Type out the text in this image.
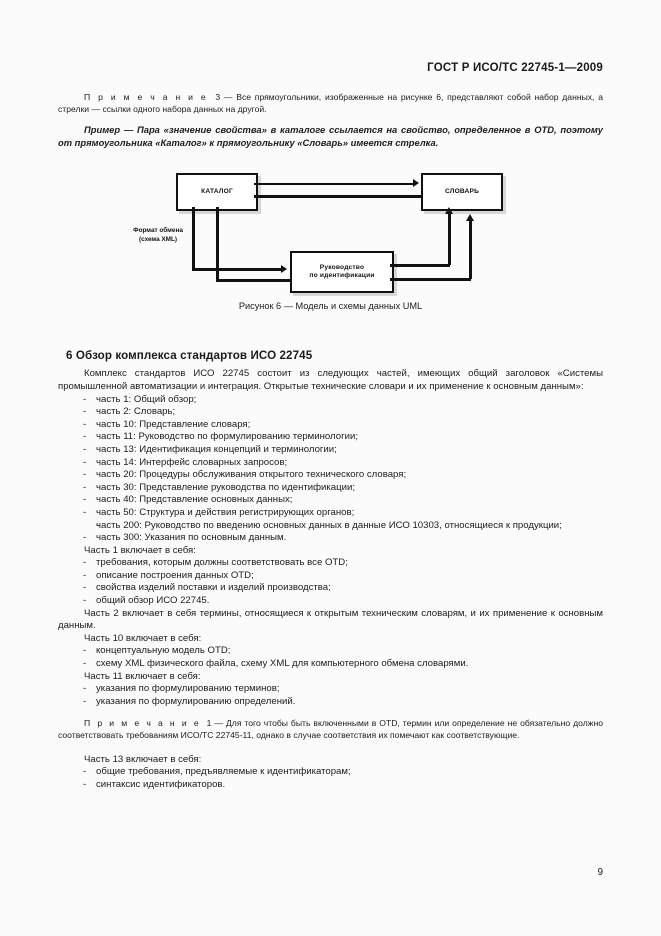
ГОСТ Р ИСО/ТС 22745-1—2009

П р и м е ч а н и е 3 — Все прямоугольники, изображенные на рисунке 6, представляют собой набор данных, а стрелки — ссылки одного набора данных на другой.

Пример — Пара «значение свойства» в каталоге ссылается на свойство, определенное в OTD, поэтому от прямоугольника «Каталог» к прямоугольнику «Словарь» имеется стрелка.

КАТАЛОГ	СЛОВАРЬ
Руководство
по идентификации
Формат обмена
(схема XML)
Рисунок 6 — Модель и схемы данных UML
6 Обзор комплекса стандартов ИСО 22745

Комплекс стандартов ИСО 22745 состоит из следующих частей, имеющих общий заголовок «Системы промышленной автоматизации и интеграция. Открытые технические словари и их применение к основным данным»:

- часть 1: Общий обзор;
- часть 2: Словарь;
- часть 10: Представление словаря;
- часть 11: Руководство по формулированию терминологии;
- часть 13: Идентификация концепций и терминологии;
- часть 14: Интерфейс словарных запросов;
- часть 20: Процедуры обслуживания открытого технического словаря;
- часть 30: Представление руководства по идентификации;
- часть 40: Представление основных данных;
- часть 50: Структура и действия регистрирующих органов;
- часть 200: Руководство по введению основных данных в данные ИСО 10303, относящиеся к продукции;
- часть 300: Указания по основным данным.

Часть 1 включает в себя:

- требования, которым должны соответствовать все OTD;
- описание построения данных OTD;
- свойства изделий поставки и изделий производства;
- общий обзор ИСО 22745.

Часть 2 включает в себя термины, относящиеся к открытым техническим словарям, и их применение к основным данным.

Часть 10 включает в себя:

- концептуальную модель OTD;
- схему XML физического файла, схему XML для компьютерного обмена словарями.

Часть 11 включает в себя:

- указания по формулированию терминов;
- указания по формулированию определений.

П р и м е ч а н и е 1 — Для того чтобы быть включенными в OTD, термин или определение не обязательно должно соответствовать требованиям ИСО/ТС 22745-11, однако в случае соответствия их помечают как соответствующие.

Часть 13 включает в себя:

- общие требования, предъявляемые к идентификаторам;
- синтаксис идентификаторов.
9
